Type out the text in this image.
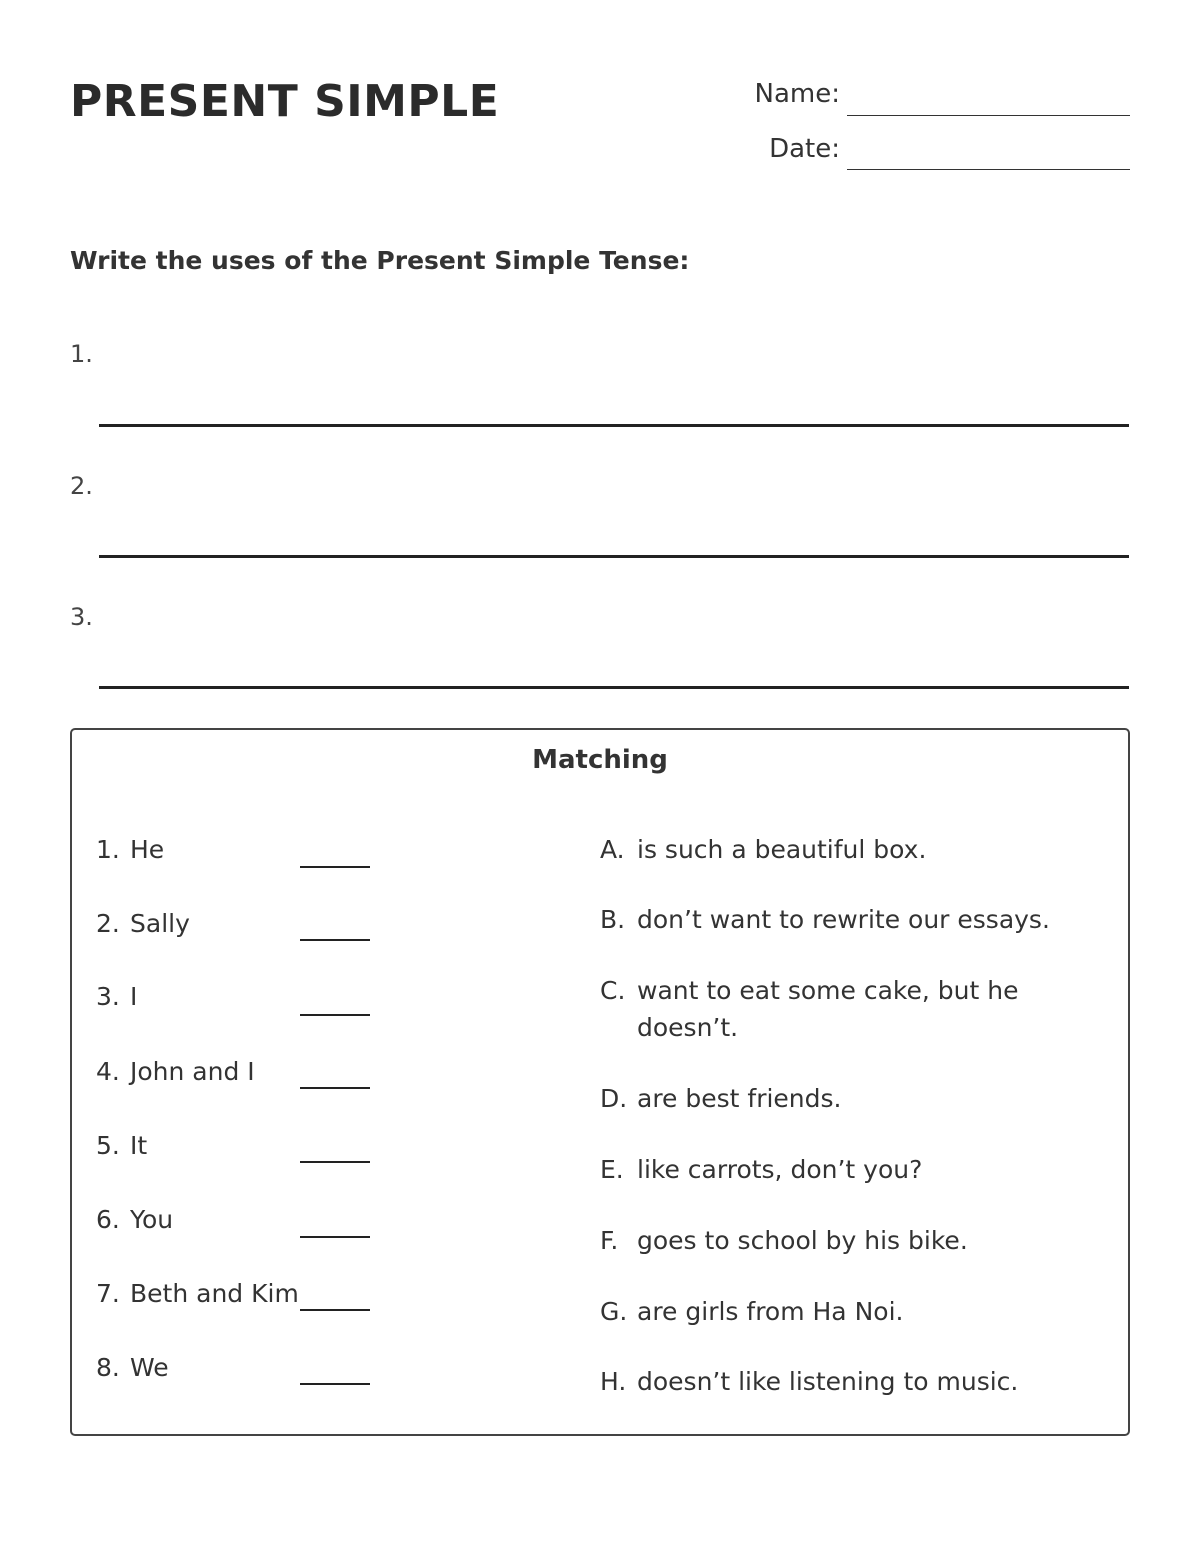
PRESENT SIMPLE	Name:
Date:
Write the uses of the Present Simple Tense:
1.
2.
3.
Matching
1. He
2. Sally
3. I
4. John and I
5. It
6. You
7. Beth and Kim
8. We
A. is such a beautiful box.
B. don’t want to rewrite our essays.
C. want to eat some cake, but he
doesn’t.
D. are best friends.
E. like carrots, don’t you?
F. goes to school by his bike.
G. are girls from Ha Noi.
H. doesn’t like listening to music.
